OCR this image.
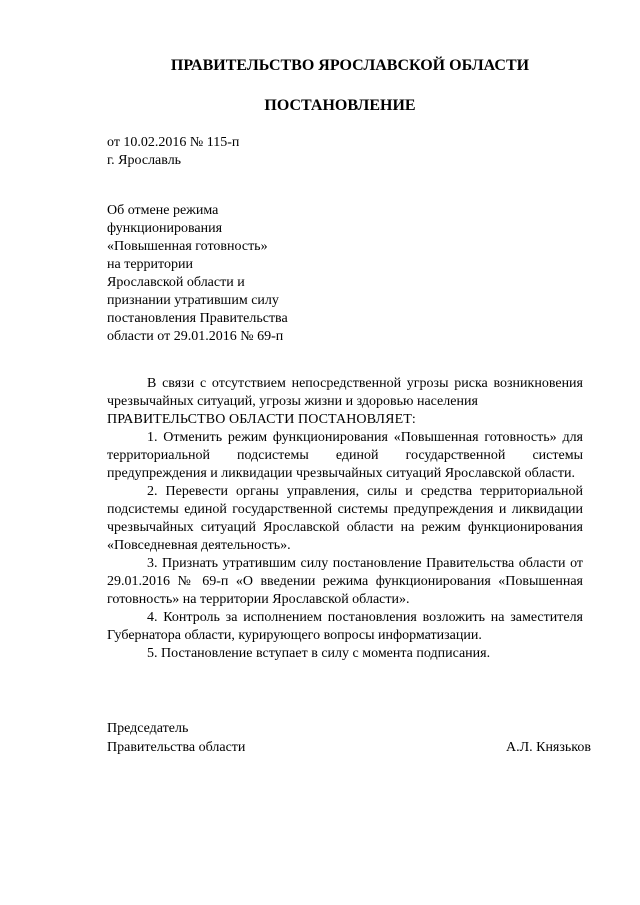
ПРАВИТЕЛЬСТВО ЯРОСЛАВСКОЙ ОБЛАСТИ
ПОСТАНОВЛЕНИЕ
от 10.02.2016 № 115-п
г. Ярославль
Об отмене режима
функционирования
«Повышенная готовность»
на территории
Ярославской области и
признании утратившим силу
постановления Правительства
области от 29.01.2016 № 69-п

В связи с отсутствием непосредственной угрозы риска возникновения чрезвычайных ситуаций, угрозы жизни и здоровью населения

ПРАВИТЕЛЬСТВО ОБЛАСТИ ПОСТАНОВЛЯЕТ:

1. Отменить режим функционирования «Повышенная готовность» для территориальной подсистемы единой государственной системы предупреждения и ликвидации чрезвычайных ситуаций Ярославской области.

2. Перевести органы управления, силы и средства территориальной подсистемы единой государственной системы предупреждения и ликвидации чрезвычайных ситуаций Ярославской области на режим функционирования «Повседневная деятельность».

3. Признать утратившим силу постановление Правительства области от 29.01.2016 № 69-п «О введении режима функционирования «Повышенная готовность» на территории Ярославской области».

4. Контроль за исполнением постановления возложить на заместителя Губернатора области, курирующего вопросы информатизации.

5. Постановление вступает в силу с момента подписания.

Председатель
Правительства области	А.Л. Князьков
